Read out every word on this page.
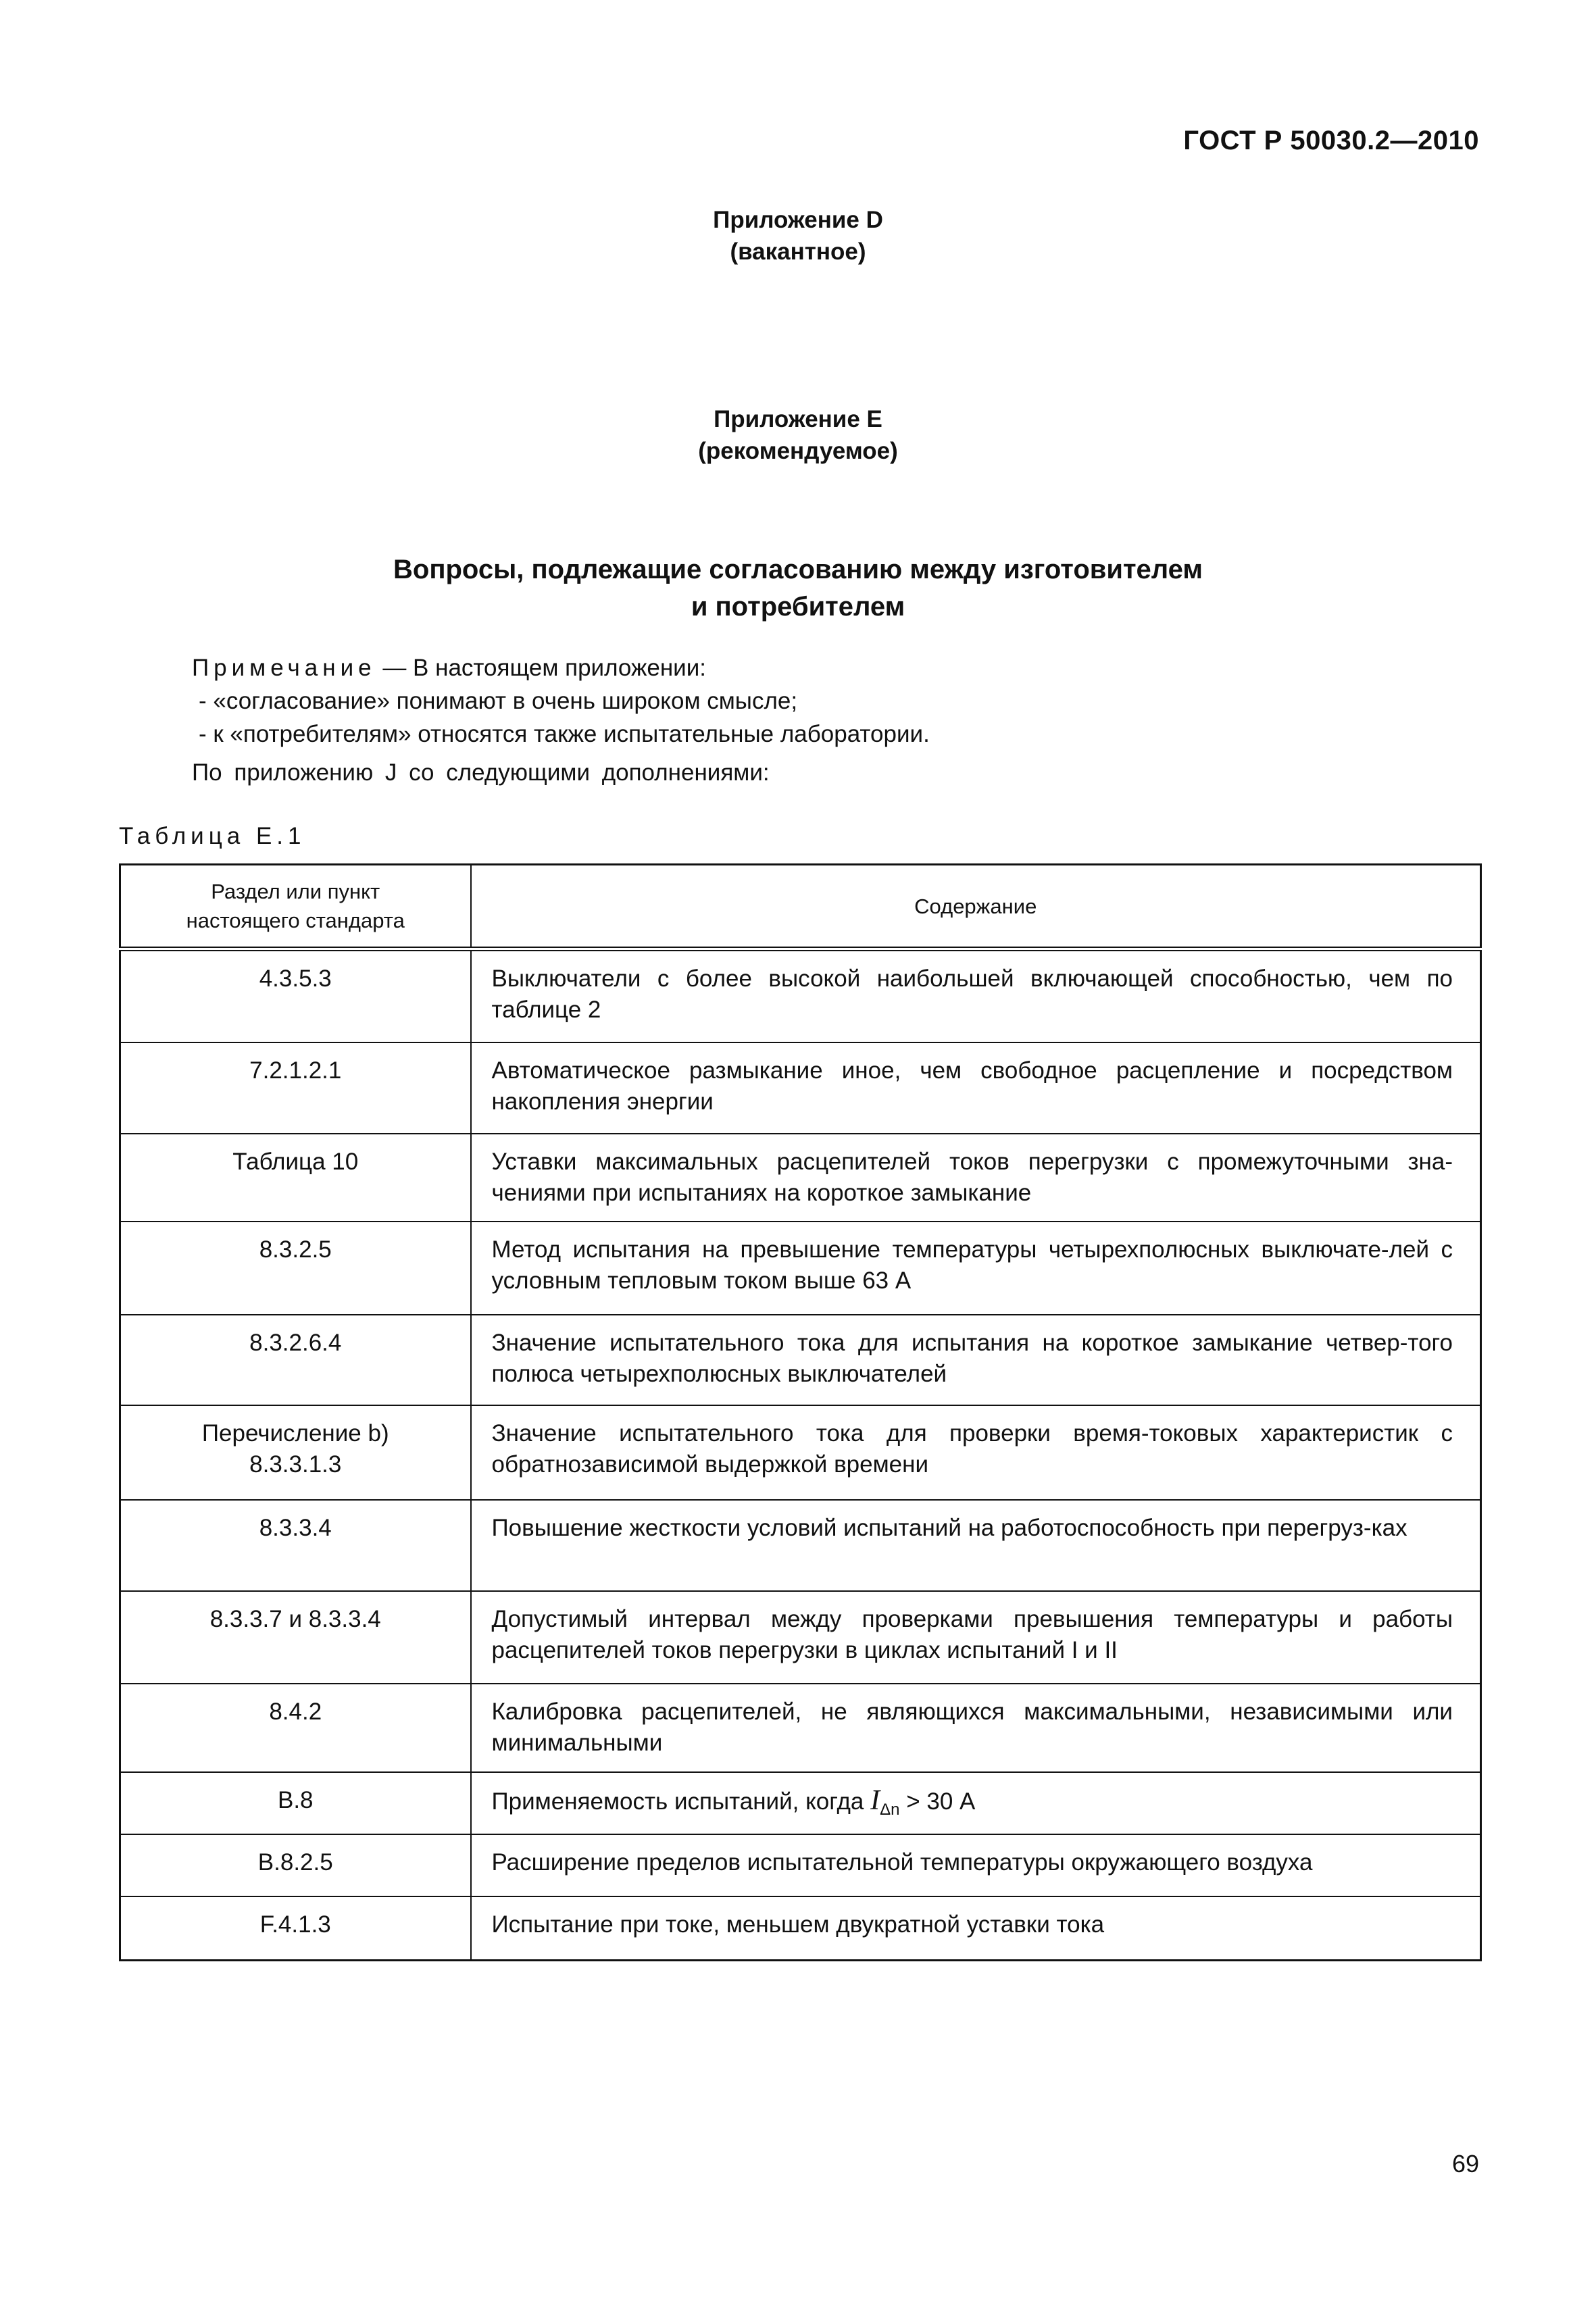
ГОСТ Р 50030.2—2010
Приложение D
(вакантное)
Приложение E
(рекомендуемое)
Вопросы, подлежащие согласованию между изготовителем
и потребителем
Примечание — В настоящем приложении:
- «согласование» понимают в очень широком смысле;
- к «потребителям» относятся также испытательные лаборатории.
По приложению J со следующими дополнениями:
Таблица E.1
Раздел или пункт
настоящего стандарта	Содержание
4.3.5.3	Выключатели с более высокой наибольшей включающей способностью, чем по таблице 2
7.2.1.2.1	Автоматическое размыкание иное, чем свободное расцепление и посредством накопления энергии
Таблица 10	Уставки максимальных расцепителей токов перегрузки с промежуточными зна-чениями при испытаниях на короткое замыкание
8.3.2.5	Метод испытания на превышение температуры четырехполюсных выключате-лей с условным тепловым током выше 63 А
8.3.2.6.4	Значение испытательного тока для испытания на короткое замыкание четвер-того полюса четырехполюсных выключателей

Перечисление b)
8.3.3.1.3	Значение испытательного тока для проверки время-токовых характеристик с обратнозависимой выдержкой времени
8.3.3.4	Повышение жесткости условий испытаний на работоспособность при перегруз-ках
8.3.3.7 и 8.3.3.4	Допустимый интервал между проверками превышения температуры и работы расцепителей токов перегрузки в циклах испытаний I и II
8.4.2	Калибровка расцепителей, не являющихся максимальными, независимыми или минимальными
B.8	Применяемость испытаний, когда $I_{\Delta n} > 30$ А
B.8.2.5	Расширение пределов испытательной температуры окружающего воздуха
F.4.1.3	Испытание при токе, меньшем двукратной уставки тока
69
